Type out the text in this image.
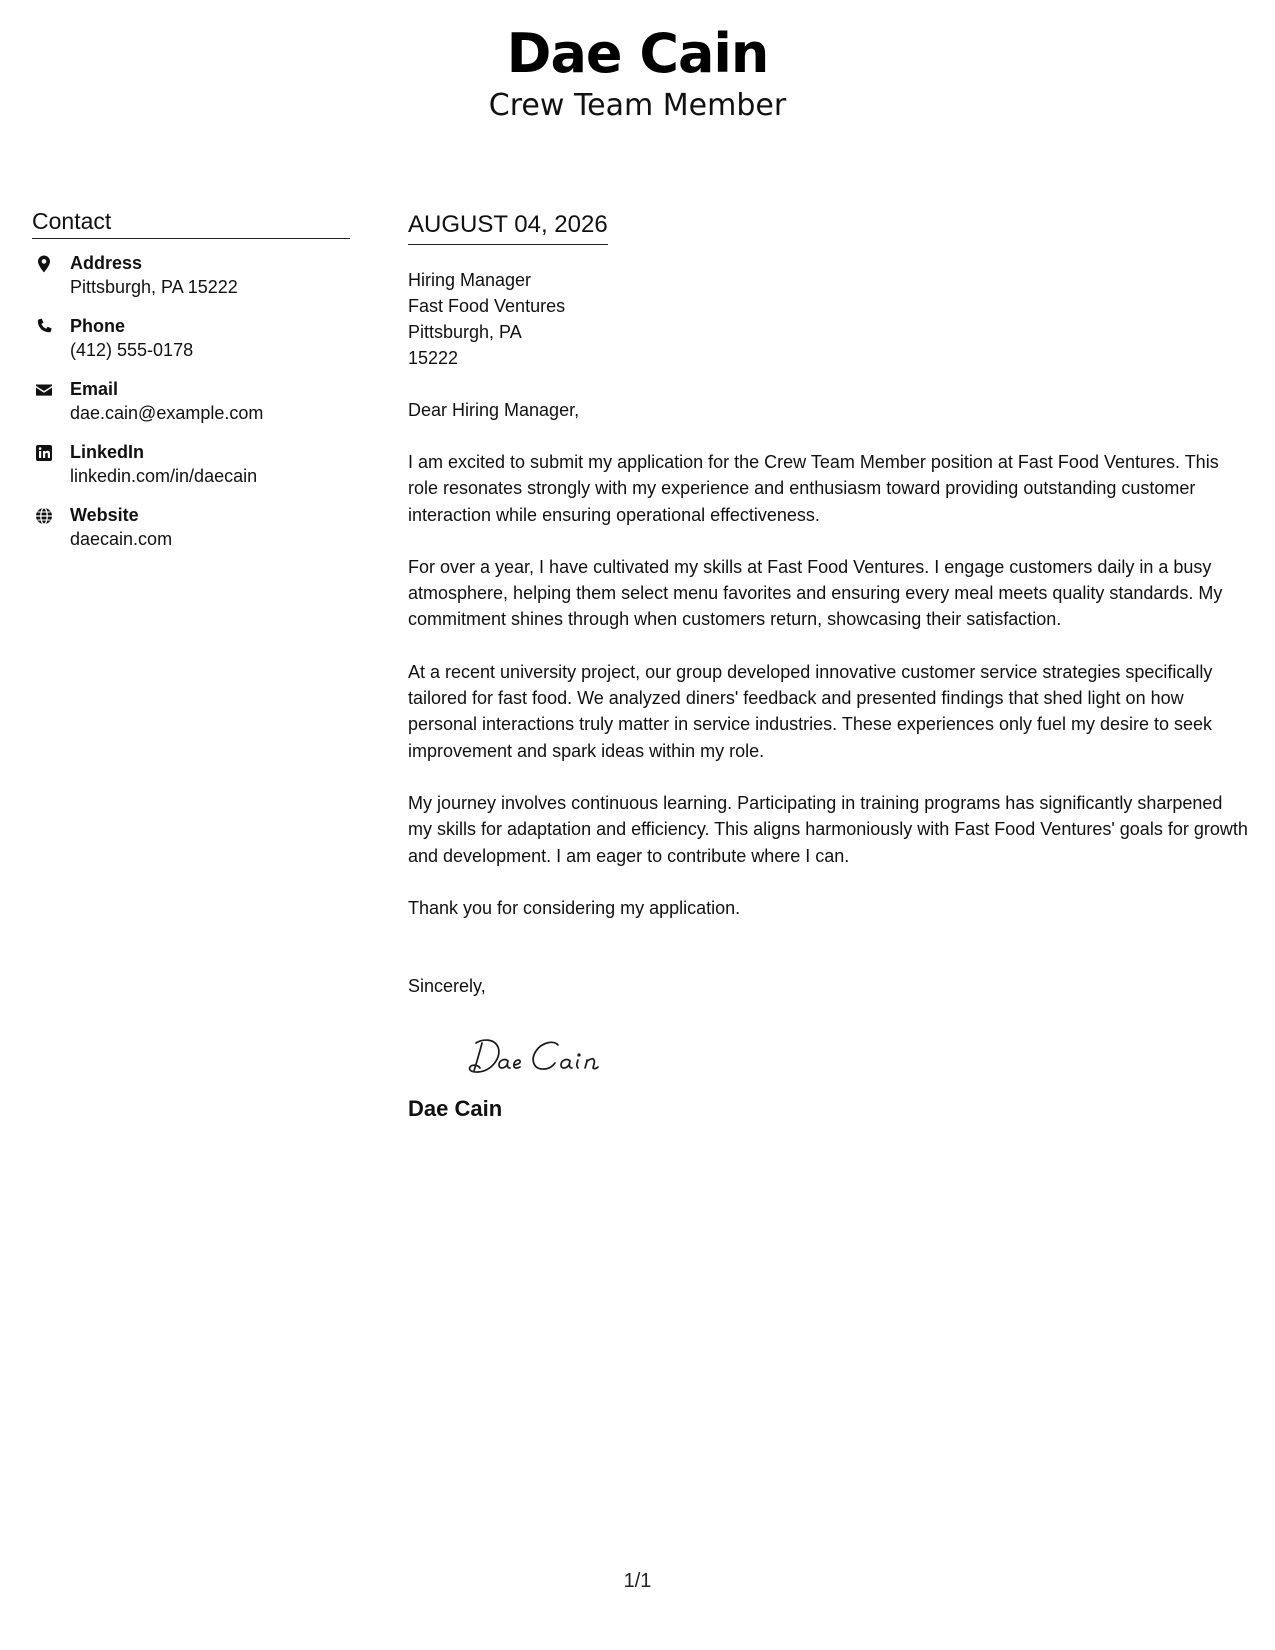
Dae Cain
Crew Team Member
Contact
Address
Pittsburgh, PA 15222
Phone
(412) 555-0178
Email
dae.cain@example.com
LinkedIn
linkedin.com/in/daecain
Website
daecain.com
AUGUST 04, 2026
Hiring Manager
Fast Food Ventures
Pittsburgh, PA
15222
Dear Hiring Manager,
I am excited to submit my application for the Crew Team Member position at Fast Food Ventures. This role resonates strongly with my experience and enthusiasm toward providing outstanding customer interaction while ensuring operational effectiveness.
For over a year, I have cultivated my skills at Fast Food Ventures. I engage customers daily in a busy atmosphere, helping them select menu favorites and ensuring every meal meets quality standards. My commitment shines through when customers return, showcasing their satisfaction.
At a recent university project, our group developed innovative customer service strategies specifically tailored for fast food. We analyzed diners' feedback and presented findings that shed light on how personal interactions truly matter in service industries. These experiences only fuel my desire to seek improvement and spark ideas within my role.
My journey involves continuous learning. Participating in training programs has significantly sharpened my skills for adaptation and efficiency. This aligns harmoniously with Fast Food Ventures' goals for growth and development. I am eager to contribute where I can.
Thank you for considering my application.
Sincerely,
Dae Cain
1/1
